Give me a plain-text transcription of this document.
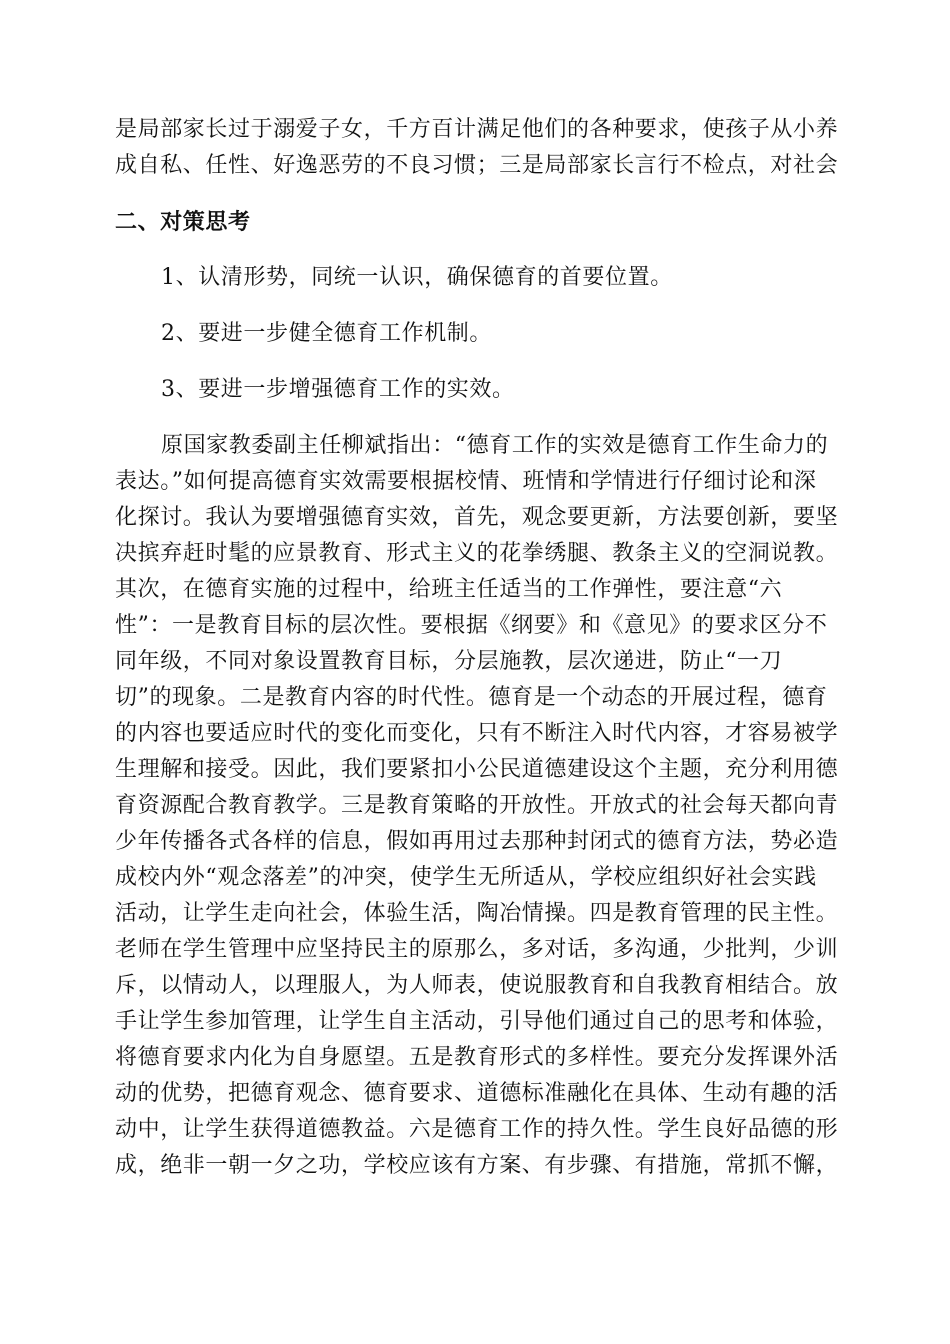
是局部家长过于溺爱子女，千方百计满足他们的各种要求，使孩子从小养
成自私、任性、好逸恶劳的不良习惯；三是局部家长言行不检点，对社会
二、对策思考
1、认清形势，同统一认识，确保德育的首要位置。
2、要进一步健全德育工作机制。
3、要进一步增强德育工作的实效。
原国家教委副主任柳斌指出：“德育工作的实效是德育工作生命力的
表达。”如何提高德育实效需要根据校情、班情和学情进行仔细讨论和深
化探讨。我认为要增强德育实效，首先，观念要更新，方法要创新，要坚
决摈弃赶时髦的应景教育、形式主义的花拳绣腿、教条主义的空洞说教。
其次，在德育实施的过程中，给班主任适当的工作弹性，要注意“六
性”：一是教育目标的层次性。要根据《纲要》和《意见》的要求区分不
同年级，不同对象设置教育目标，分层施教，层次递进，防止“一刀
切”的现象。二是教育内容的时代性。德育是一个动态的开展过程，德育
的内容也要适应时代的变化而变化，只有不断注入时代内容，才容易被学
生理解和接受。因此，我们要紧扣小公民道德建设这个主题，充分利用德
育资源配合教育教学。三是教育策略的开放性。开放式的社会每天都向青
少年传播各式各样的信息，假如再用过去那种封闭式的德育方法，势必造
成校内外“观念落差”的冲突，使学生无所适从，学校应组织好社会实践
活动，让学生走向社会，体验生活，陶冶情操。四是教育管理的民主性。
老师在学生管理中应坚持民主的原那么，多对话，多沟通，少批判，少训
斥，以情动人，以理服人，为人师表，使说服教育和自我教育相结合。放
手让学生参加管理，让学生自主活动，引导他们通过自己的思考和体验，
将德育要求内化为自身愿望。五是教育形式的多样性。要充分发挥课外活
动的优势，把德育观念、德育要求、道德标准融化在具体、生动有趣的活
动中，让学生获得道德教益。六是德育工作的持久性。学生良好品德的形
成，绝非一朝一夕之功，学校应该有方案、有步骤、有措施，常抓不懈，
